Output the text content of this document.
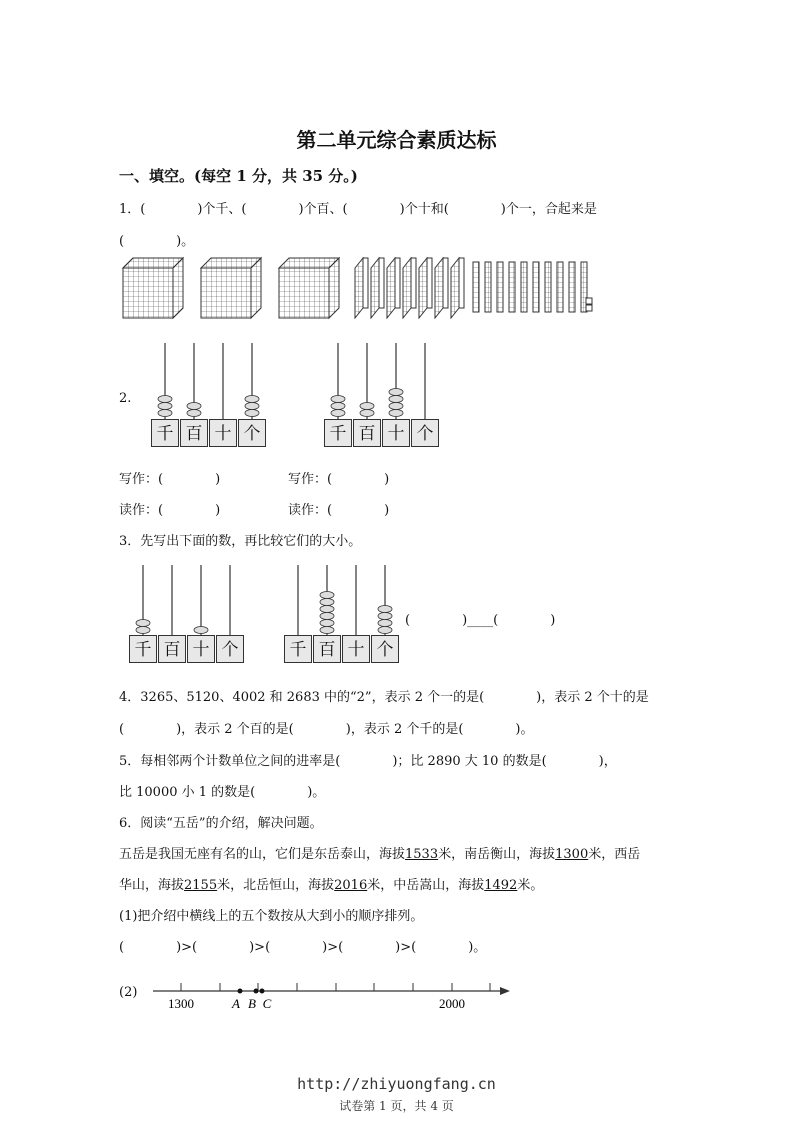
第二单元综合素质达标
一、填空。(每空 1 分，共 35 分。)
1．(　　　　)个千、(　　　　)个百、(　　　　)个十和(　　　　)个一，合起来是
(　　　　)。
2.
千 百 十 个	千 百 十 个
写作：(　　　　)	写作：(　　　　)
读作：(　　　　)	读作：(　　　　)
3．先写出下面的数，再比较它们的大小。
千 百 十 个	千 百 十 个
(　　　　)____(　　　　)
4．3265、5120、4002 和 2683 中的“2”，表示 2 个一的是(　　　　)，表示 2 个十的是
(　　　　)，表示 2 个百的是(　　　　)，表示 2 个千的是(　　　　)。
5．每相邻两个计数单位之间的进率是(　　　　)；比 2890 大 10 的数是(　　　　)，
比 10000 小 1 的数是(　　　　)。
6．阅读“五岳”的介绍，解决问题。
五岳是我国无座有名的山，它们是东岳泰山，海拔1533米，南岳衡山，海拔1300米，西岳
华山，海拔2155米，北岳恒山，海拔2016米，中岳嵩山，海拔1492米。
(1)把介绍中横线上的五个数按从大到小的顺序排列。
(　　　　)>(　　　　)>(　　　　)>(　　　　)>(　　　　)。
(2)
1300	2000
A B C
http://zhiyuongfang.cn
试卷第 1 页，共 4 页
